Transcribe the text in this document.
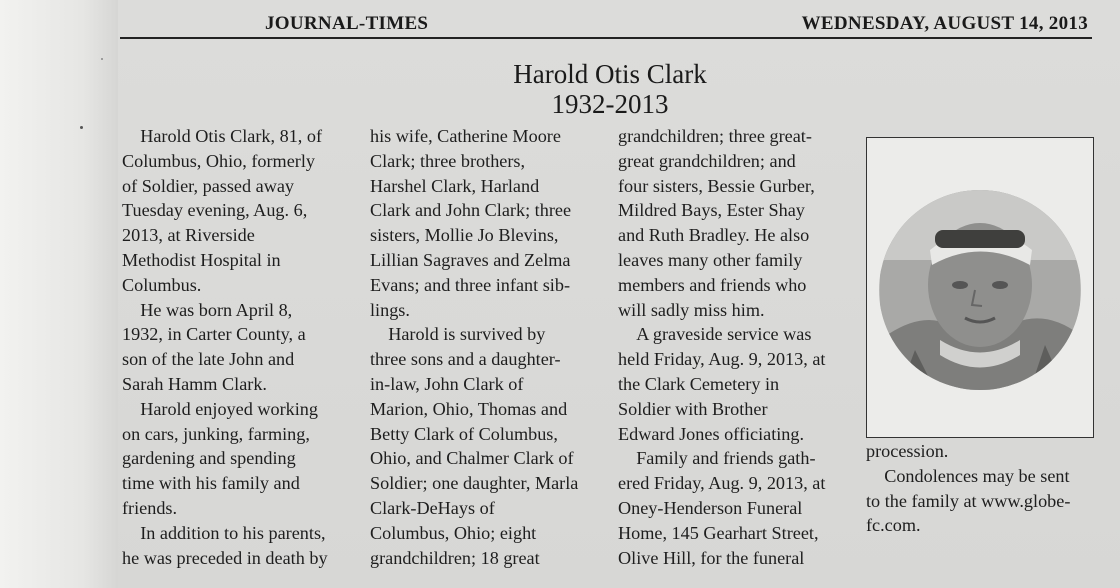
JOURNAL-TIMES	WEDNESDAY, AUGUST 14, 2013
Harold Otis Clark
1932-2013
 Harold Otis Clark, 81, of
Columbus, Ohio, formerly
of Soldier, passed away
Tuesday evening, Aug. 6,
2013, at Riverside
Methodist Hospital in
Columbus.
 He was born April 8,
1932, in Carter County, a
son of the late John and
Sarah Hamm Clark.
 Harold enjoyed working
on cars, junking, farming,
gardening and spending
time with his family and
friends.
 In addition to his parents,
he was preceded in death by
his wife, Catherine Moore
Clark; three brothers,
Harshel Clark, Harland
Clark and John Clark; three
sisters, Mollie Jo Blevins,
Lillian Sagraves and Zelma
Evans; and three infant sib-
lings.
 Harold is survived by
three sons and a daughter-
in-law, John Clark of
Marion, Ohio, Thomas and
Betty Clark of Columbus,
Ohio, and Chalmer Clark of
Soldier; one daughter, Marla
Clark-DeHays of
Columbus, Ohio; eight
grandchildren; 18 great
grandchildren; three great-
great grandchildren; and
four sisters, Bessie Gurber,
Mildred Bays, Ester Shay
and Ruth Bradley. He also
leaves many other family
members and friends who
will sadly miss him.
 A graveside service was
held Friday, Aug. 9, 2013, at
the Clark Cemetery in
Soldier with Brother
Edward Jones officiating.
 Family and friends gath-
ered Friday, Aug. 9, 2013, at
Oney-Henderson Funeral
Home, 145 Gearhart Street,
Olive Hill, for the funeral
procession.
 Condolences may be sent
to the family at www.globe-
fc.com.
